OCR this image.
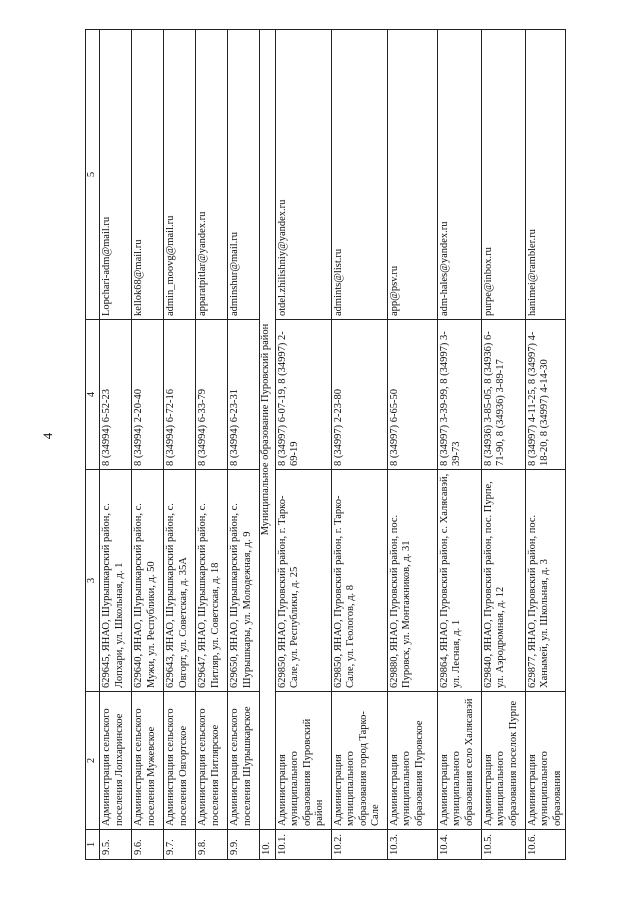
4
1	2	3	4	5
9.5.	Администрация сельского поселения Лопхаринское	629645, ЯНАО, Шурышкарский район, с. Лопхари, ул. Школьная, д. 1	8 (34994) 6-52-23	Lopchari-adm@mail.ru
9.6.	Администрация сельского поселения Мужевское	629640, ЯНАО, Шурышкарский район, с. Мужи, ул. Республики, д. 50	8 (34994) 2-20-40	kellok68@mail.ru
9.7.	Администрация сельского поселения Овгортское	629643, ЯНАО, Шурышкарский район, с. Овгорт, ул. Советская, д. 35А	8 (34994) 6-72-16	admin_moovg@mail.ru
9.8.	Администрация сельского поселения Питлярское	629647, ЯНАО, Шурышкарский район, с. Питляр, ул. Советская, д. 18	8 (34994) 6-33-79	apparatpitlar@yandex.ru
9.9.	Администрация сельского поселения Шурышкарское	629650, ЯНАО, Шурышкарский район, с. Шурышкары, ул. Молодежная, д. 9	8 (34994) 6-23-31	adminshur@mail.ru
10.	Муниципальное образование Пуровский район			
10.1.	Администрация муниципального образования Пуровский район	629850, ЯНАО, Пуровский район, г. Тарко-Сале, ул. Республики, д. 25	8 (34997) 6-07-19, 8 (34997) 2-69-19	otdel.zhilishniy@yandex.ru
10.2.	Администрация муниципального образования город Тарко-Сале	629850, ЯНАО, Пуровский район, г. Тарко-Сале, ул. Геологов, д. 8	8 (34997) 2-23-80	admints@list.ru
10.3.	Администрация муниципального образования Пуровское	629880, ЯНАО, Пуровский район, пос. Пуровск, ул. Монтажников, д. 31	8 (34997) 6-65-50	app@psv.ru
10.4.	Администрация муниципального образования село Халясавэй	629864, ЯНАО, Пуровский район, с. Халясавэй, ул. Лесная, д. 1	8 (34997) 3-39-99, 8 (34997) 3-39-73	adm-hales@yandex.ru
10.5.	Администрация муниципального образования поселок Пурпе	629840, ЯНАО, Пуровский район, пос. Пурпе, ул. Аэродромная, д. 12	8 (34936) 3-85-05, 8 (34936) 6-71-90, 8 (34936) 3-89-17	purpe@inbox.ru
10.6.	Администрация муниципального образования	629877, ЯНАО, Пуровский район, пос. Ханымей, ул. Школьная, д. 3	8 (34997) 4-11-25, 8 (34997) 4-18-20, 8 (34997) 4-14-30	hanimei@rambler.ru
